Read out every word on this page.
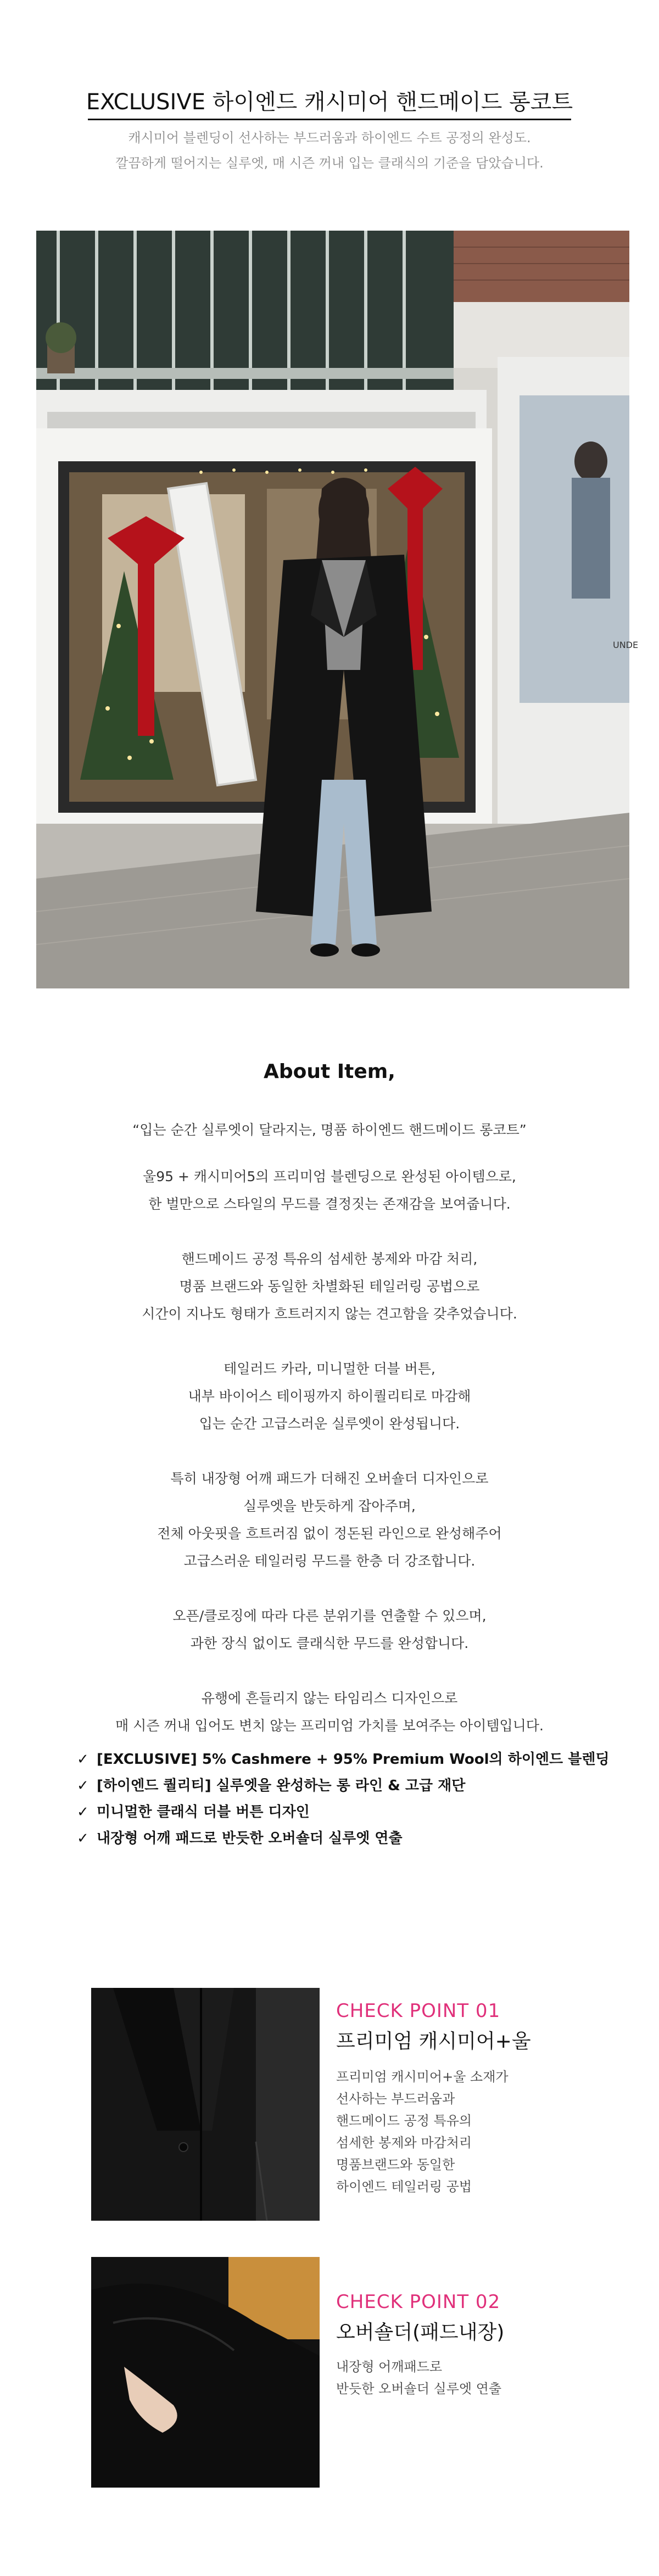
EXCLUSIVE 하이엔드 캐시미어 핸드메이드 롱코트

캐시미어 블렌딩이 선사하는 부드러움과 하이엔드 수트 공정의 완성도.

깔끔하게 떨어지는 실루엣, 매 시즌 꺼내 입는 클래식의 기준을 담았습니다.

UNDE
About Item,

“입는 순간 실루엣이 달라지는, 명품 하이엔드 핸드메이드 롱코트”

울95 + 캐시미어5의 프리미엄 블렌딩으로 완성된 아이템으로,

한 벌만으로 스타일의 무드를 결정짓는 존재감을 보여줍니다.

핸드메이드 공정 특유의 섬세한 봉제와 마감 처리,

명품 브랜드와 동일한 차별화된 테일러링 공법으로

시간이 지나도 형태가 흐트러지지 않는 견고함을 갖추었습니다.

테일러드 카라, 미니멀한 더블 버튼,

내부 바이어스 테이핑까지 하이퀄리티로 마감해

입는 순간 고급스러운 실루엣이 완성됩니다.

특히 내장형 어깨 패드가 더해진 오버숄더 디자인으로

실루엣을 반듯하게 잡아주며,

전체 아웃핏을 흐트러짐 없이 정돈된 라인으로 완성해주어

고급스러운 테일러링 무드를 한층 더 강조합니다.

오픈/클로징에 따라 다른 분위기를 연출할 수 있으며,

과한 장식 없이도 클래식한 무드를 완성합니다.

유행에 흔들리지 않는 타임리스 디자인으로

매 시즌 꺼내 입어도 변치 않는 프리미엄 가치를 보여주는 아이템입니다.

✓ [EXCLUSIVE] 5% Cashmere + 95% Premium Wool의 하이엔드 블렌딩
✓ [하이엔드 퀄리티] 실루엣을 완성하는 롱 라인 & 고급 재단
✓ 미니멀한 클래식 더블 버튼 디자인
✓ 내장형 어깨 패드로 반듯한 오버숄더 실루엣 연출
CHECK POINT 01
프리미엄 캐시미어+울

프리미엄 캐시미어+울 소재가

선사하는 부드러움과

핸드메이드 공정 특유의

섬세한 봉제와 마감처리

명품브랜드와 동일한

하이엔드 테일러링 공법

CHECK POINT 02
오버숄더(패드내장)

내장형 어깨패드로

반듯한 오버숄더 실루엣 연출
